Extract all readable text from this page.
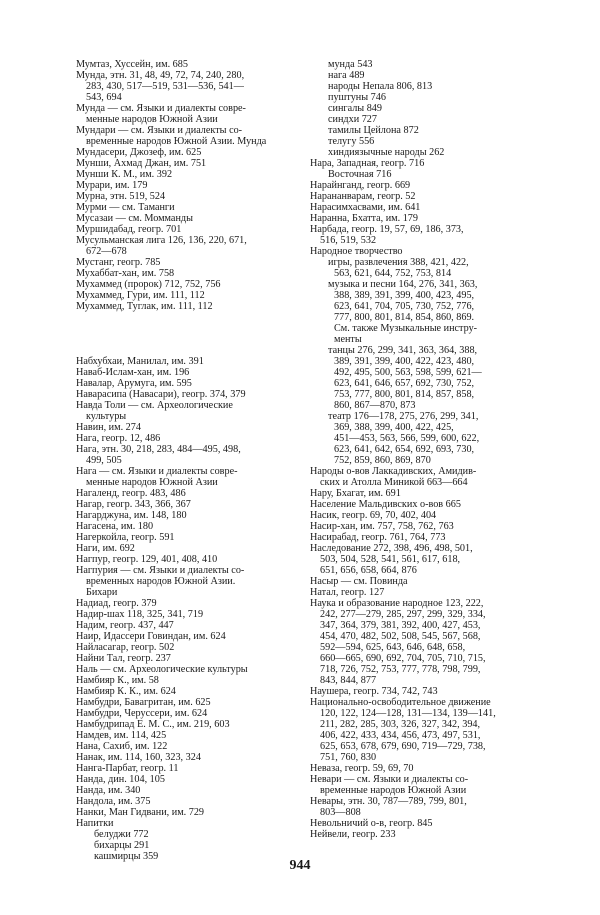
Мумтаз, Хуссейн, им. 685
Мунда, этн. 31, 48, 49, 72, 74, 240, 280,
283, 430, 517—519, 531—536, 541—
543, 694
Мунда — см. Языки и диалекты совре-
менные народов Южной Азии
Мундари — см. Языки и диалекты со-
временные народов Южной Азии. Мунда
Мундасери, Джозеф, им. 625
Мунши, Ахмад Джан, им. 751
Мунши К. М., им. 392
Мурари, им. 179
Мурна, этн. 519, 524
Мурми — см. Таманги
Мусазаи — см. Момманды
Муршидабад, геогр. 701
Мусульманская лига 126, 136, 220, 671,
672—678
Мустанг, геогр. 785
Мухаббат-хан, им. 758
Мухаммед (пророк) 712, 752, 756
Мухаммед, Гури, им. 111, 112
Мухаммед, Туглак, им. 111, 112
Набхубхаи, Манилал, им. 391
Наваб-Ислам-хан, им. 196
Навалар, Арумуга, им. 595
Наварасипа (Навасари), геогр. 374, 379
Навда Толи — см. Археологические
культуры
Навин, им. 274
Нага, геогр. 12, 486
Нага, этн. 30, 218, 283, 484—495, 498,
499, 505
Нага — см. Языки и диалекты совре-
менные народов Южной Азии
Нагаленд, геогр. 483, 486
Нагар, геогр. 343, 366, 367
Нагарджуна, им. 148, 180
Нагасена, им. 180
Нагеркойла, геогр. 591
Наги, им. 692
Нагпур, геогр. 129, 401, 408, 410
Нагпурия — см. Языки и диалекты со-
временных народов Южной Азии.
Бихари
Надиад, геогр. 379
Надир-шах 118, 325, 341, 719
Надим, геогр. 437, 447
Наир, Идассери Говиндан, им. 624
Найласагар, геогр. 502
Найни Тал, геогр. 237
Наль — см. Археологические культуры
Намбияр К., им. 58
Намбияр К. К., им. 624
Намбудри, Бавагритан, им. 625
Намбудри, Черуссери, им. 624
Намбудрипад Е. М. С., им. 219, 603
Намдев, им. 114, 425
Нана, Сахиб, им. 122
Нанак, им. 114, 160, 323, 324
Нанга-Парбат, геогр. 11
Нанда, дин. 104, 105
Нанда, им. 340
Нандола, им. 375
Нанки, Ман Гидвани, им. 729
Напитки
белуджи 772
бихарцы 291
кашмирцы 359
мунда 543
нага 489
народы Непала 806, 813
пуштуны 746
сингалы 849
синдхи 727
тамилы Цейлона 872
телугу 556
хиндиязычные народы 262
Нара, Западная, геогр. 716
Восточная 716
Нарайнганд, геогр. 669
Нарананварам, геогр. 52
Нарасимхасвами, им. 641
Наранна, Бхатта, им. 179
Нарбада, геогр. 19, 57, 69, 186, 373,
516, 519, 532
Народное творчество
игры, развлечения 388, 421, 422,
563, 621, 644, 752, 753, 814
музыка и песни 164, 276, 341, 363,
388, 389, 391, 399, 400, 423, 495,
623, 641, 704, 705, 730, 752, 776,
777, 800, 801, 814, 854, 860, 869.
См. также Музыкальные инстру-
менты
танцы 276, 299, 341, 363, 364, 388,
389, 391, 399, 400, 422, 423, 480,
492, 495, 500, 563, 598, 599, 621—
623, 641, 646, 657, 692, 730, 752,
753, 777, 800, 801, 814, 857, 858,
860, 867—870, 873
театр 176—178, 275, 276, 299, 341,
369, 388, 399, 400, 422, 425,
451—453, 563, 566, 599, 600, 622,
623, 641, 642, 654, 692, 693, 730,
752, 859, 860, 869, 870
Народы о-вов Лаккадивских, Амидив-
ских и Атолла Миникой 663—664
Нару, Бхагат, им. 691
Население Мальдивских о-вов 665
Насик, геогр. 69, 70, 402, 404
Насир-хан, им. 757, 758, 762, 763
Насирабад, геогр. 761, 764, 773
Наследование 272, 398, 496, 498, 501,
503, 504, 528, 541, 561, 617, 618,
651, 656, 658, 664, 876
Насыр — см. Повинда
Натал, геогр. 127
Наука и образование народное 123, 222,
242, 277—279, 285, 297, 299, 329, 334,
347, 364, 379, 381, 392, 400, 427, 453,
454, 470, 482, 502, 508, 545, 567, 568,
592—594, 625, 643, 646, 648, 658,
660—665, 690, 692, 704, 705, 710, 715,
718, 726, 752, 753, 777, 778, 798, 799,
843, 844, 877
Наушера, геогр. 734, 742, 743
Национально-освободительное движение
120, 122, 124—128, 131—134, 139—141,
211, 282, 285, 303, 326, 327, 342, 394,
406, 422, 433, 434, 456, 473, 497, 531,
625, 653, 678, 679, 690, 719—729, 738,
751, 760, 830
Неваза, геогр. 59, 69, 70
Невари — см. Языки и диалекты со-
временные народов Южной Азии
Невары, этн. 30, 787—789, 799, 801,
803—808
Невольничий о-в, геогр. 845
Нейвели, геогр. 233
944
